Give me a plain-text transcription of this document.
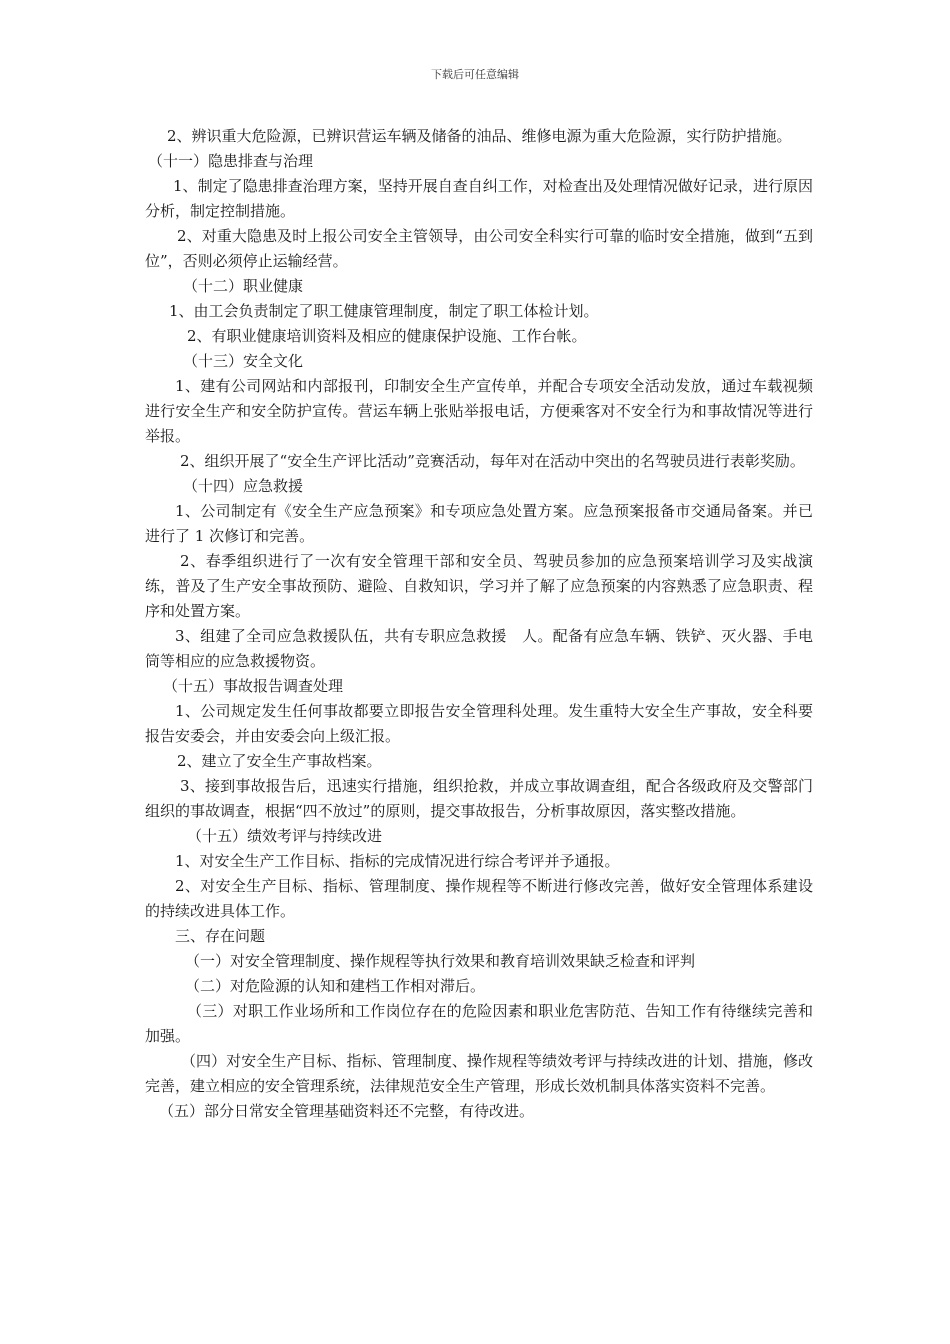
下载后可任意编辑

2、辨识重大危险源，已辨识营运车辆及储备的油品、维修电源为重大危险源，实行防护措施。

（十一）隐患排查与治理

1、制定了隐患排查治理方案，坚持开展自查自纠工作，对检查出及处理情况做好记录，进行原因分析，制定控制措施。

2、对重大隐患及时上报公司安全主管领导，由公司安全科实行可靠的临时安全措施，做到“五到位”，否则必须停止运输经营。

（十二）职业健康

1、由工会负责制定了职工健康管理制度，制定了职工体检计划。

2、有职业健康培训资料及相应的健康保护设施、工作台帐。

（十三）安全文化

1、建有公司网站和内部报刊，印制安全生产宣传单，并配合专项安全活动发放，通过车载视频进行安全生产和安全防护宣传。营运车辆上张贴举报电话，方便乘客对不安全行为和事故情况等进行举报。

2、组织开展了“安全生产评比活动”竞赛活动，每年对在活动中突出的名驾驶员进行表彰奖励。

（十四）应急救援

1、公司制定有《安全生产应急预案》和专项应急处置方案。应急预案报备市交通局备案。并已进行了 1 次修订和完善。

2、春季组织进行了一次有安全管理干部和安全员、驾驶员参加的应急预案培训学习及实战演练，普及了生产安全事故预防、避险、自救知识，学习并了解了应急预案的内容熟悉了应急职责、程序和处置方案。

3、组建了全司应急救援队伍，共有专职应急救援　人。配备有应急车辆、铁铲、灭火器、手电筒等相应的应急救援物资。

（十五）事故报告调查处理

1、公司规定发生任何事故都要立即报告安全管理科处理。发生重特大安全生产事故，安全科要报告安委会，并由安委会向上级汇报。

2、建立了安全生产事故档案。

3、接到事故报告后，迅速实行措施，组织抢救，并成立事故调查组，配合各级政府及交警部门组织的事故调查，根据“四不放过”的原则，提交事故报告，分析事故原因，落实整改措施。

（十五）绩效考评与持续改进

1、对安全生产工作目标、指标的完成情况进行综合考评并予通报。

2、对安全生产目标、指标、管理制度、操作规程等不断进行修改完善，做好安全管理体系建设的持续改进具体工作。

三、存在问题

（一）对安全管理制度、操作规程等执行效果和教育培训效果缺乏检查和评判

（二）对危险源的认知和建档工作相对滞后。

（三）对职工作业场所和工作岗位存在的危险因素和职业危害防范、告知工作有待继续完善和加强。

（四）对安全生产目标、指标、管理制度、操作规程等绩效考评与持续改进的计划、措施，修改完善，建立相应的安全管理系统，法律规范安全生产管理，形成长效机制具体落实资料不完善。

（五）部分日常安全管理基础资料还不完整，有待改进。
